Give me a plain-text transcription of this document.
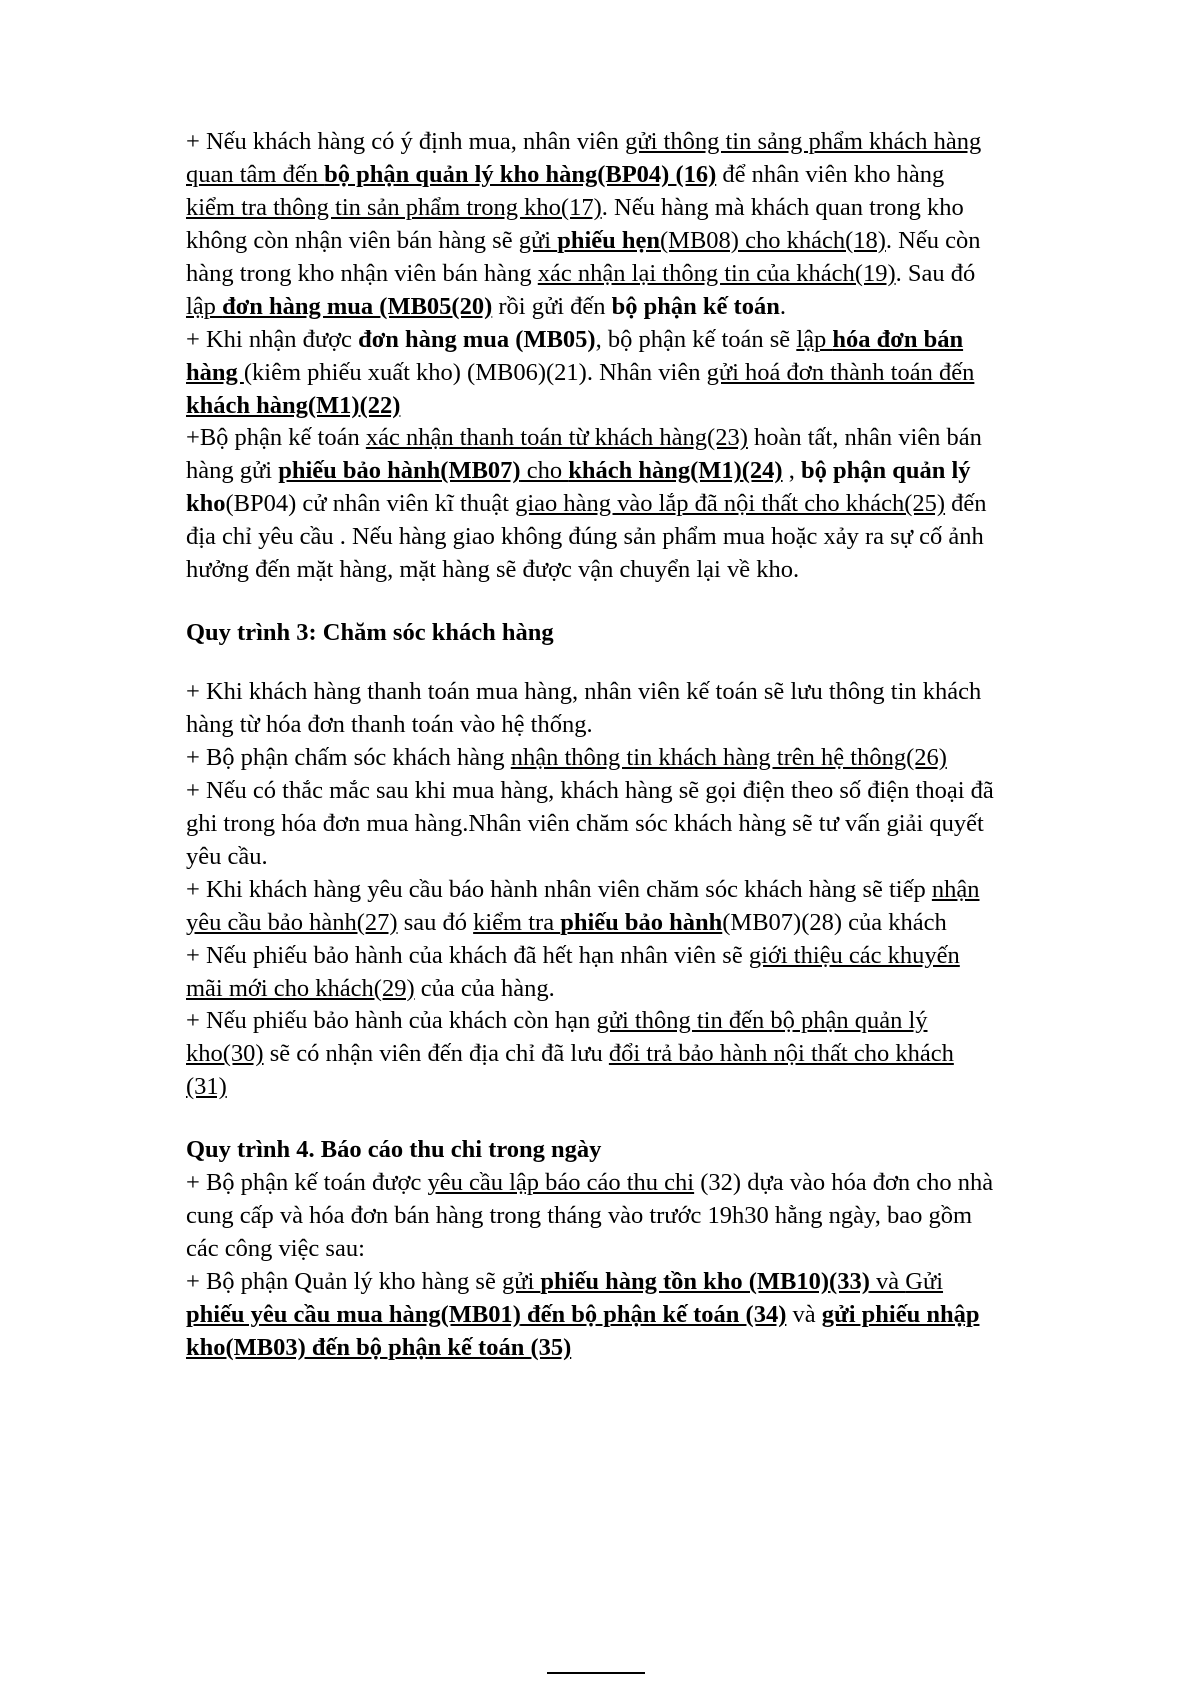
+ Nếu khách hàng có ý định mua, nhân viên gửi thông tin sảng phẩm khách hàng quan tâm đến bộ phận quản lý kho hàng(BP04) (16) để nhân viên kho hàng kiểm tra thông tin sản phẩm trong kho(17). Nếu hàng mà khách quan trong kho không còn nhận viên bán hàng sẽ gửi phiếu hẹn(MB08) cho khách(18). Nếu còn hàng trong kho nhận viên bán hàng xác nhận lại thông tin của khách(19). Sau đó lập đơn hàng mua (MB05(20) rồi gửi đến bộ phận kế toán.

+ Khi nhận được đơn hàng mua (MB05), bộ phận kế toán sẽ lập hóa đơn bán hàng (kiêm phiếu xuất kho) (MB06)(21). Nhân viên gửi hoá đơn thành toán đến khách hàng(M1)(22)

+Bộ phận kế toán xác nhận thanh toán từ khách hàng(23) hoàn tất, nhân viên bán hàng gửi phiếu bảo hành(MB07) cho khách hàng(M1)(24) , bộ phận quản lý kho(BP04) cử nhân viên kĩ thuật giao hàng vào lắp đã nội thất cho khách(25) đến địa chỉ yêu cầu . Nếu hàng giao không đúng sản phẩm mua hoặc xảy ra sự cố ảnh hưởng đến mặt hàng, mặt hàng sẽ được vận chuyển lại về kho.

Quy trình 3: Chăm sóc khách hàng

+ Khi khách hàng thanh toán mua hàng, nhân viên kế toán sẽ lưu thông tin khách hàng từ hóa đơn thanh toán vào hệ thống.

+ Bộ phận chấm sóc khách hàng nhận thông tin khách hàng trên hệ thông(26)

+ Nếu có thắc mắc sau khi mua hàng, khách hàng sẽ gọi điện theo số điện thoại đã ghi trong hóa đơn mua hàng.Nhân viên chăm sóc khách hàng sẽ tư vấn giải quyết yêu cầu.

+ Khi khách hàng yêu cầu báo hành nhân viên chăm sóc khách hàng sẽ tiếp nhận yêu cầu bảo hành(27) sau đó kiểm tra phiếu bảo hành(MB07)(28) của khách

+ Nếu phiếu bảo hành của khách đã hết hạn nhân viên sẽ giới thiệu các khuyến mãi mới cho khách(29) của của hàng.

+ Nếu phiếu bảo hành của khách còn hạn gửi thông tin đến bộ phận quản lý kho(30) sẽ có nhận viên đến địa chỉ đã lưu đổi trả bảo hành nội thất cho khách (31)

Quy trình 4. Báo cáo thu chi trong ngày

+ Bộ phận kế toán được yêu cầu lập báo cáo thu chi (32) dựa vào hóa đơn cho nhà cung cấp và hóa đơn bán hàng trong tháng vào trước 19h30 hằng ngày, bao gồm các công việc sau:

+ Bộ phận Quản lý kho hàng sẽ gửi phiếu hàng tồn kho (MB10)(33) và Gửi phiếu yêu cầu mua hàng(MB01) đến bộ phận kế toán (34) và gửi phiếu nhập kho(MB03) đến bộ phận kế toán (35)
